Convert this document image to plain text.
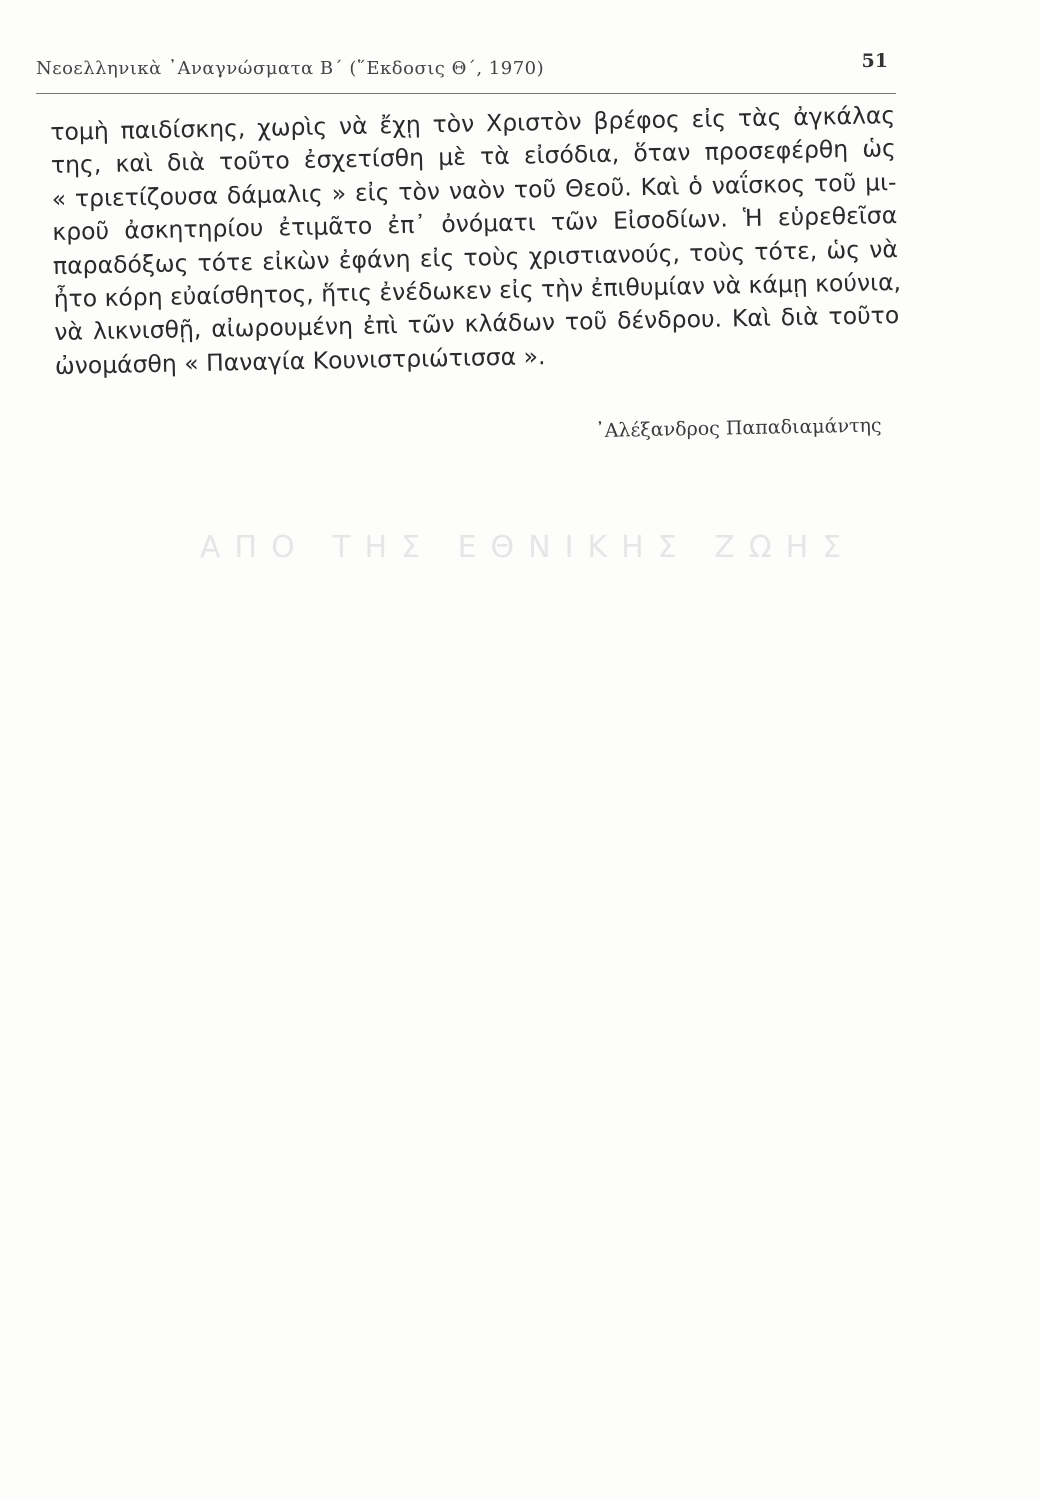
ΑΠΟ ΤΗΣ ΕΘΝΙΚΗΣ ΖΩΗΣ
Νεοελληνικὰ ᾿Αναγνώσματα Β΄ (῞Εκδοσις Θ΄, 1970)	51
τομὴ παιδίσκης, χωρὶς νὰ ἔχῃ τὸν Χριστὸν βρέφος εἰς τὰς ἀγκάλας
της, καὶ διὰ τοῦτο ἐσχετίσθη μὲ τὰ εἰσόδια, ὅταν προσεφέρθη ὡς
« τριετίζουσα δάμαλις » εἰς τὸν ναὸν τοῦ Θεοῦ. Καὶ ὁ ναΐσκος τοῦ μι-
κροῦ ἀσκητηρίου ἐτιμᾶτο ἐπ᾿ ὀνόματι τῶν Εἰσοδίων. Ἡ εὑρεθεῖσα
παραδόξως τότε εἰκὼν ἐφάνη εἰς τοὺς χριστιανούς, τοὺς τότε, ὡς νὰ
ἦτο κόρη εὐαίσθητος, ἥτις ἐνέδωκεν εἰς τὴν ἐπιθυμίαν νὰ κάμῃ κούνια,
νὰ λικνισθῇ, αἰωρουμένη ἐπὶ τῶν κλάδων τοῦ δένδρου. Καὶ διὰ τοῦτο
ὠνομάσθη « Παναγία Κουνιστριώτισσα ».
᾿Αλέξανδρος Παπαδιαμάντης
